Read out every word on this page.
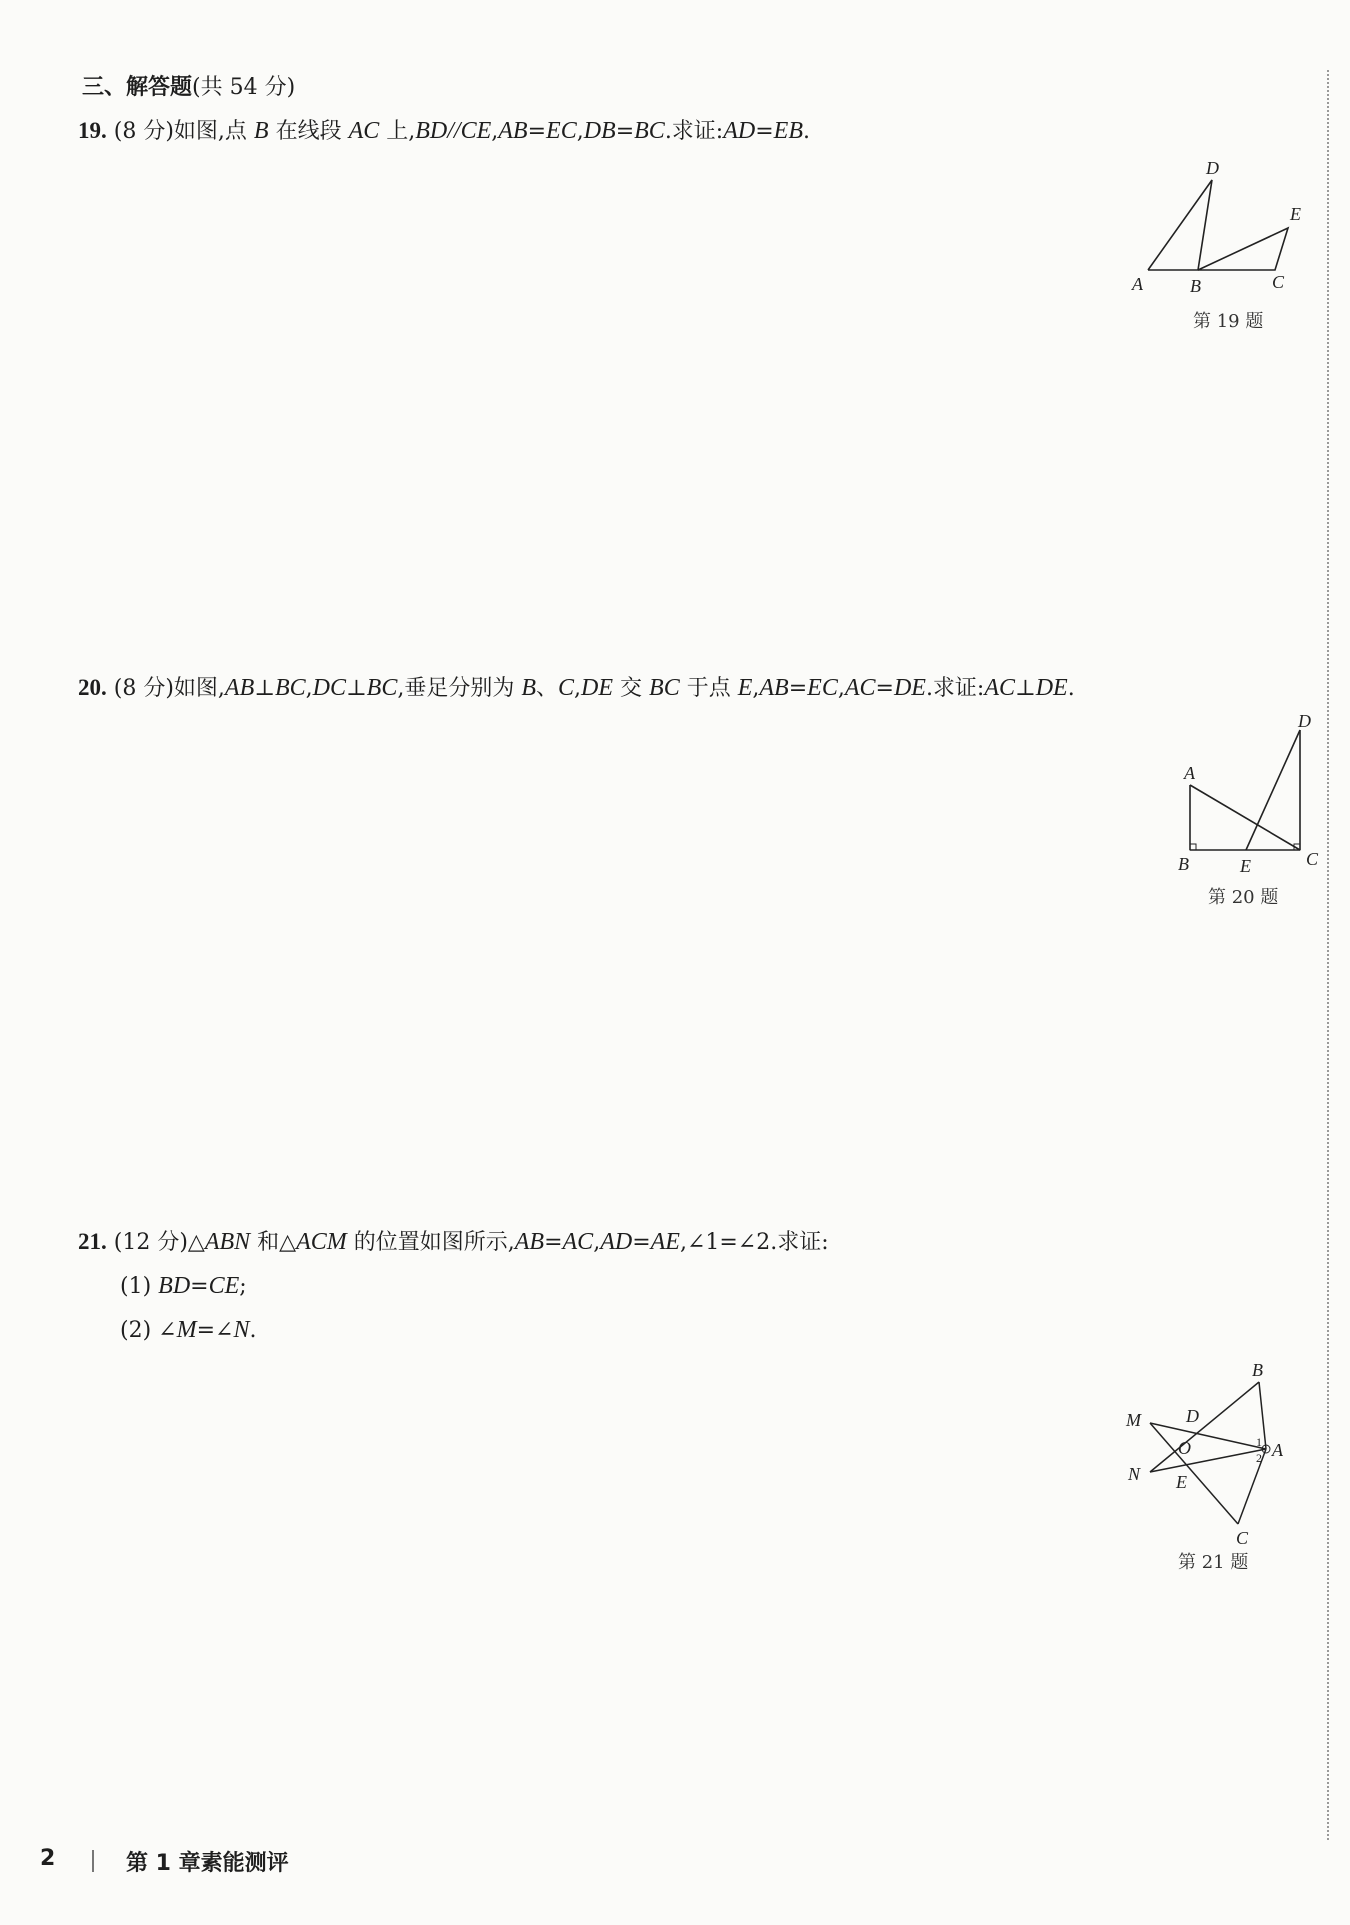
三、解答题(共 54 分)
19. (8 分)如图,点 B 在线段 AC 上,BD//CE,AB=EC,DB=BC.求证:AD=EB.
A	B	C
D
E
第 19 题
20. (8 分)如图,AB⊥BC,DC⊥BC,垂足分别为 B、C,DE 交 BC 于点 E,AB=EC,AC=DE.求证:AC⊥DE.
A
B	C
D
E
第 20 题
21. (12 分)△ABN 和△ACM 的位置如图所示,AB=AC,AD=AE,∠1=∠2.求证:
(1) BD=CE;
(2) ∠M=∠N.
B
A
C
M
N
D
O
E
1
2
第 21 题
2	第 1 章素能测评
